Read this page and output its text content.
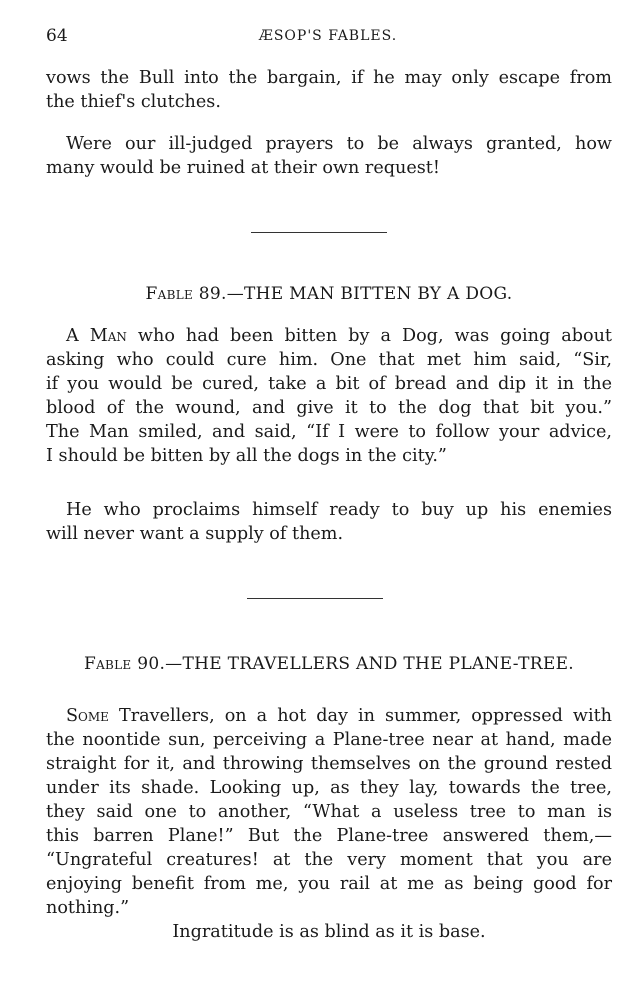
64	ÆSOP'S FABLES.
vows the Bull into the bargain, if he may only escape from
the thief's clutches.
Were our ill-judged prayers to be always granted, how
many would be ruined at their own request!
Fable 89.—THE MAN BITTEN BY A DOG.
A Man who had been bitten by a Dog, was going about
asking who could cure him. One that met him said, “Sir,
if you would be cured, take a bit of bread and dip it in the
blood of the wound, and give it to the dog that bit you.”
The Man smiled, and said, “If I were to follow your advice,
I should be bitten by all the dogs in the city.”
He who proclaims himself ready to buy up his enemies
will never want a supply of them.
Fable 90.—THE TRAVELLERS AND THE PLANE-TREE.
Some Travellers, on a hot day in summer, oppressed with
the noontide sun, perceiving a Plane-tree near at hand, made
straight for it, and throwing themselves on the ground rested
under its shade. Looking up, as they lay, towards the tree,
they said one to another, “What a useless tree to man is
this barren Plane!” But the Plane-tree answered them,—
“Ungrateful creatures! at the very moment that you are
enjoying benefit from me, you rail at me as being good for
nothing.”
Ingratitude is as blind as it is base.
